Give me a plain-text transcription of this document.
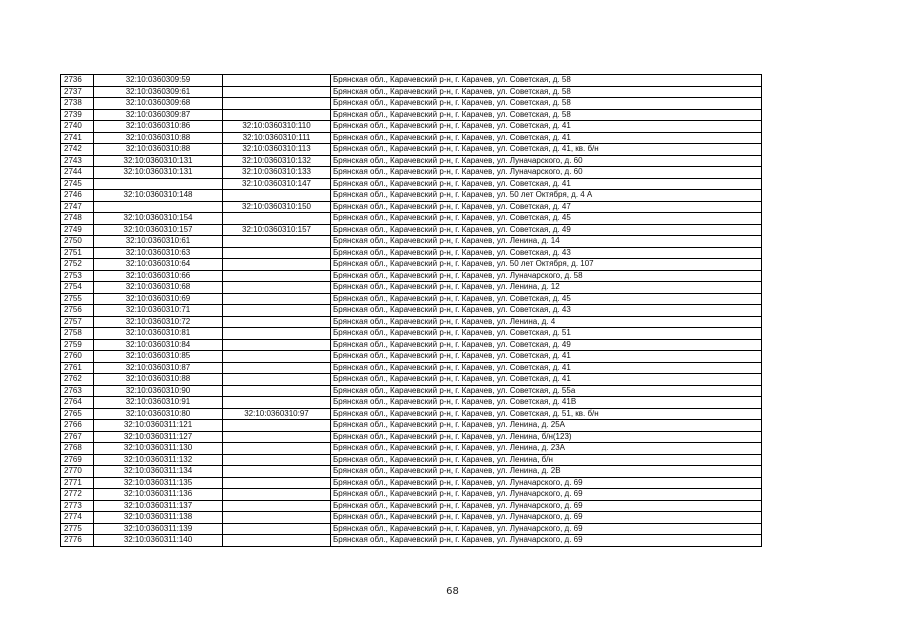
2736	32:10:0360309:59		Брянская обл., Карачевский р-н, г. Карачев, ул. Советская, д. 58
2737	32:10:0360309:61		Брянская обл., Карачевский р-н, г. Карачев, ул. Советская, д. 58
2738	32:10:0360309:68		Брянская обл., Карачевский р-н, г. Карачев, ул. Советская, д. 58
2739	32:10:0360309:87		Брянская обл., Карачевский р-н, г. Карачев, ул. Советская, д. 58
2740	32:10:0360310:86	32:10:0360310:110	Брянская обл., Карачевский р-н, г. Карачев, ул. Советская, д. 41
2741	32:10:0360310:88	32:10:0360310:111	Брянская обл., Карачевский р-н, г. Карачев, ул. Советская, д. 41
2742	32:10:0360310:88	32:10:0360310:113	Брянская обл., Карачевский р-н, г. Карачев, ул. Советская, д. 41, кв. б/н
2743	32:10:0360310:131	32:10:0360310:132	Брянская обл., Карачевский р-н, г. Карачев, ул. Луначарского, д. 60
2744	32:10:0360310:131	32:10:0360310:133	Брянская обл., Карачевский р-н, г. Карачев, ул. Луначарского, д. 60
2745		32:10:0360310:147	Брянская обл., Карачевский р-н, г. Карачев, ул. Советская, д. 41
2746	32:10:0360310:148		Брянская обл., Карачевский р-н, г. Карачев, ул. 50 лет Октября, д. 4 А
2747		32:10:0360310:150	Брянская обл., Карачевский р-н, г. Карачев, ул. Советская, д. 47
2748	32:10:0360310:154		Брянская обл., Карачевский р-н, г. Карачев, ул. Советская, д. 45
2749	32:10:0360310:157	32:10:0360310:157	Брянская обл., Карачевский р-н, г. Карачев, ул. Советская, д. 49
2750	32:10:0360310:61		Брянская обл., Карачевский р-н, г. Карачев, ул. Ленина, д. 14
2751	32:10:0360310:63		Брянская обл., Карачевский р-н, г. Карачев, ул. Советская, д. 43
2752	32:10:0360310:64		Брянская обл., Карачевский р-н, г. Карачев, ул. 50 лет Октября, д. 107
2753	32:10:0360310:66		Брянская обл., Карачевский р-н, г. Карачев, ул. Луначарского, д. 58
2754	32:10:0360310:68		Брянская обл., Карачевский р-н, г. Карачев, ул. Ленина, д. 12
2755	32:10:0360310:69		Брянская обл., Карачевский р-н, г. Карачев, ул. Советская, д. 45
2756	32:10:0360310:71		Брянская обл., Карачевский р-н, г. Карачев, ул. Советская, д. 43
2757	32:10:0360310:72		Брянская обл., Карачевский р-н, г. Карачев, ул. Ленина, д. 4
2758	32:10:0360310:81		Брянская обл., Карачевский р-н, г. Карачев, ул. Советская, д. 51
2759	32:10:0360310:84		Брянская обл., Карачевский р-н, г. Карачев, ул. Советская, д. 49
2760	32:10:0360310:85		Брянская обл., Карачевский р-н, г. Карачев, ул. Советская, д. 41
2761	32:10:0360310:87		Брянская обл., Карачевский р-н, г. Карачев, ул. Советская, д. 41
2762	32:10:0360310:88		Брянская обл., Карачевский р-н, г. Карачев, ул. Советская, д. 41
2763	32:10:0360310:90		Брянская обл., Карачевский р-н, г. Карачев, ул. Советская, д. 55а
2764	32:10:0360310:91		Брянская обл., Карачевский р-н, г. Карачев, ул. Советская, д. 41В
2765	32:10:0360310:80	32:10:0360310:97	Брянская обл., Карачевский р-н, г. Карачев, ул. Советская, д. 51, кв. б/н
2766	32:10:0360311:121		Брянская обл., Карачевский р-н, г. Карачев, ул. Ленина, д. 25А
2767	32:10:0360311:127		Брянская обл., Карачевский р-н, г. Карачев, ул. Ленина, б/н(123)
2768	32:10:0360311:130		Брянская обл., Карачевский р-н, г. Карачев, ул. Ленина, д. 23А
2769	32:10:0360311:132		Брянская обл., Карачевский р-н, г. Карачев, ул. Ленина, б/н
2770	32:10:0360311:134		Брянская обл., Карачевский р-н, г. Карачев, ул. Ленина, д. 2В
2771	32:10:0360311:135		Брянская обл., Карачевский р-н, г. Карачев, ул. Луначарского, д. 69
2772	32:10:0360311:136		Брянская обл., Карачевский р-н, г. Карачев, ул. Луначарского, д. 69
2773	32:10:0360311:137		Брянская обл., Карачевский р-н, г. Карачев, ул. Луначарского, д. 69
2774	32:10:0360311:138		Брянская обл., Карачевский р-н, г. Карачев, ул. Луначарского, д. 69
2775	32:10:0360311:139		Брянская обл., Карачевский р-н, г. Карачев, ул. Луначарского, д. 69
2776	32:10:0360311:140		Брянская обл., Карачевский р-н, г. Карачев, ул. Луначарского, д. 69
68
